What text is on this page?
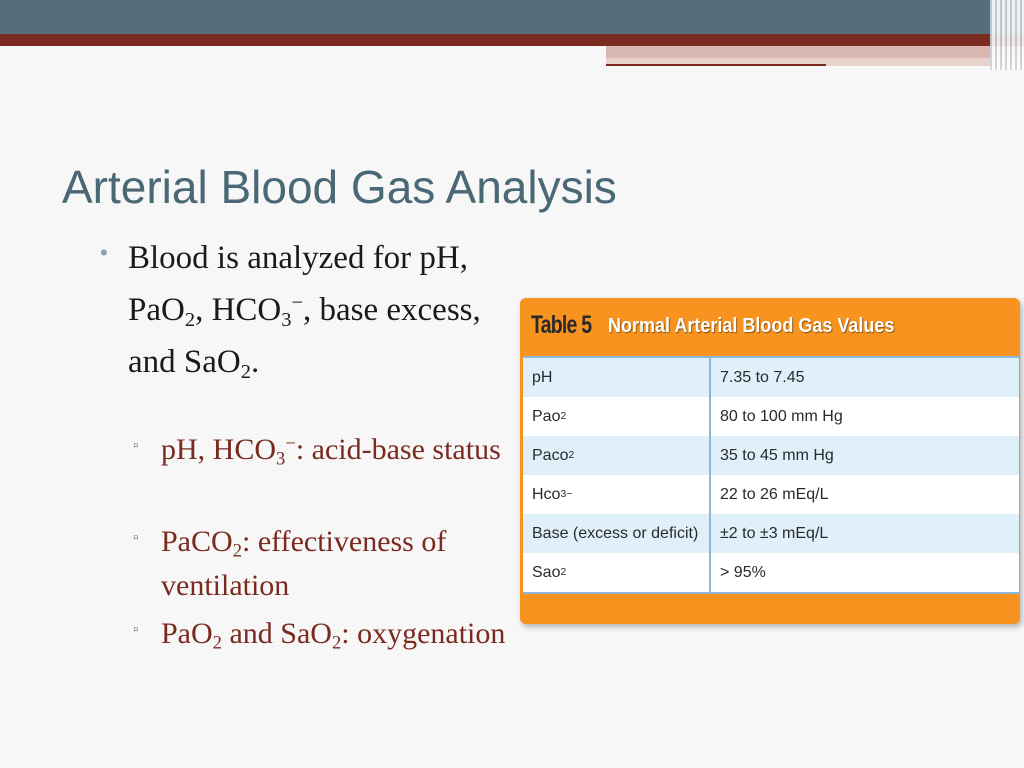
Arterial Blood Gas Analysis
• Blood is analyzed for pH, PaO$_2$, $HCO_3^-$, base excess, and SaO$_2$.
▫ pH, $HCO_3^-$: acid-base status
▫ PaCO$_2$: effectiveness of ventilation
▫ PaO$_2$ and SaO$_2$: oxygenation
Table 5 Normal Arterial Blood Gas Values
pH	7.35 to 7.45
Pao 2	80 to 100 mm Hg
Paco 2	35 to 45 mm Hg
Hco 3 −	22 to 26 mEq/L
Base (excess or deficit)	±2 to ±3 mEq/L
Sao 2	> 95%
